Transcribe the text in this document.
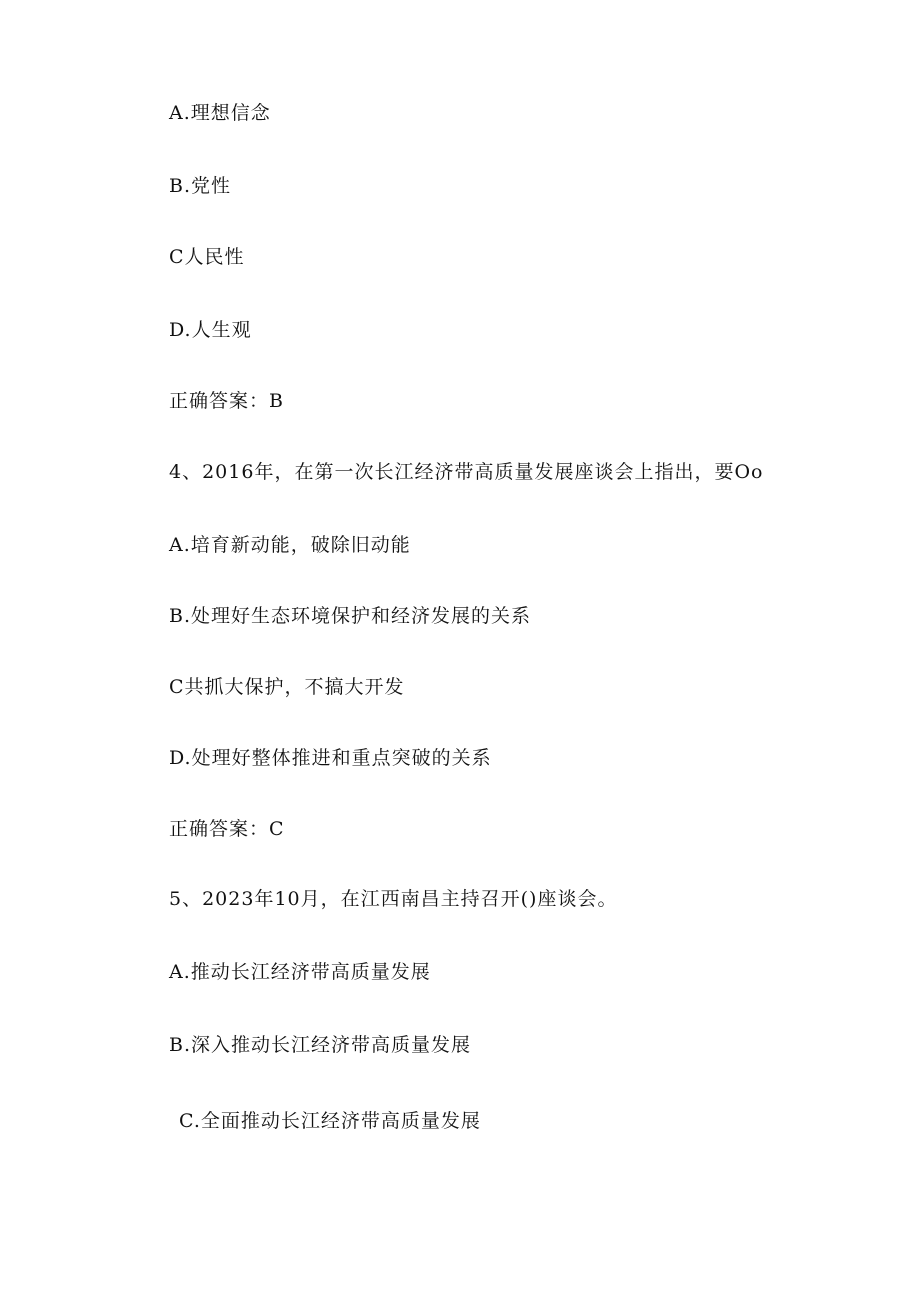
A.理想信念
B.党性
C人民性
D.人生观
正确答案：B
4、2016年，在第一次长江经济带高质量发展座谈会上指出，要Oo
A.培育新动能，破除旧动能
B.处理好生态环境保护和经济发展的关系
C共抓大保护，不搞大开发
D.处理好整体推进和重点突破的关系
正确答案：C
5、2023年10月，在江西南昌主持召开()座谈会。
A.推动长江经济带高质量发展
B.深入推动长江经济带高质量发展
C.全面推动长江经济带高质量发展
